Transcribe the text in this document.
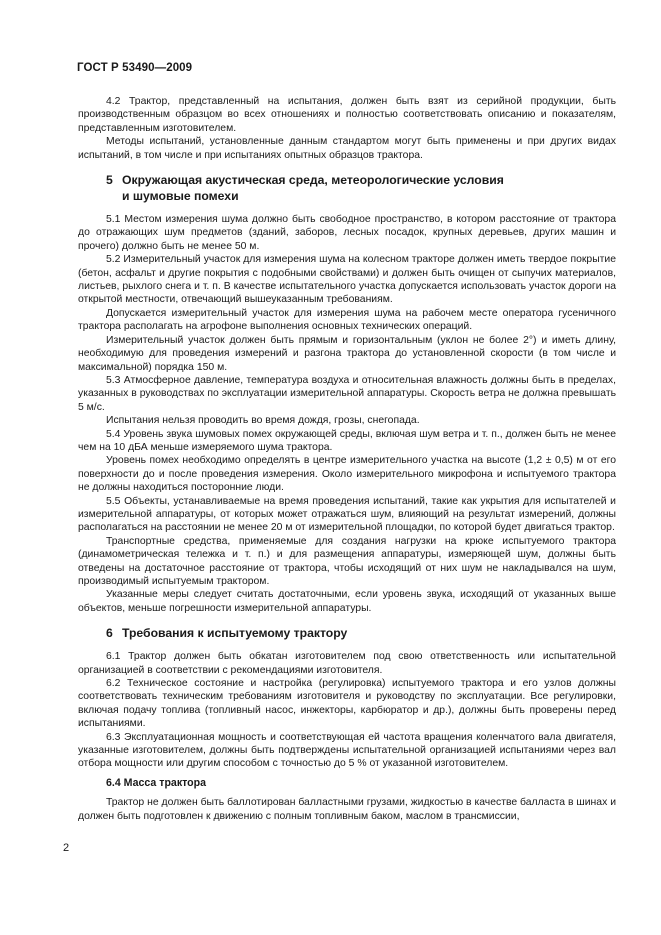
ГОСТ Р 53490—2009

4.2 Трактор, представленный на испытания, должен быть взят из серийной продукции, быть производственным образцом во всех отношениях и полностью соответствовать описанию и показателям, представленным изготовителем.

Методы испытаний, установленные данным стандартом могут быть применены и при других видах испытаний, в том числе и при испытаниях опытных образцов трактора.

5 Окружающая акустическая среда, метеорологические условия
и шумовые помехи

5.1 Местом измерения шума должно быть свободное пространство, в котором расстояние от трактора до отражающих шум предметов (зданий, заборов, лесных посадок, крупных деревьев, других машин и прочего) должно быть не менее 50 м.

5.2 Измерительный участок для измерения шума на колесном тракторе должен иметь твердое покрытие (бетон, асфальт и другие покрытия с подобными свойствами) и должен быть очищен от сыпучих материалов, листьев, рыхлого снега и т. п. В качестве испытательного участка допускается использовать участок дороги на открытой местности, отвечающий вышеуказанным требованиям.

Допускается измерительный участок для измерения шума на рабочем месте оператора гусеничного трактора располагать на агрофоне выполнения основных технических операций.

Измерительный участок должен быть прямым и горизонтальным (уклон не более 2°) и иметь длину, необходимую для проведения измерений и разгона трактора до установленной скорости (в том числе и максимальной) порядка 150 м.

5.3 Атмосферное давление, температура воздуха и относительная влажность должны быть в пределах, указанных в руководствах по эксплуатации измерительной аппаратуры. Скорость ветра не должна превышать 5 м/с.

Испытания нельзя проводить во время дождя, грозы, снегопада.

5.4 Уровень звука шумовых помех окружающей среды, включая шум ветра и т. п., должен быть не менее чем на 10 дБА меньше измеряемого шума трактора.

Уровень помех необходимо определять в центре измерительного участка на высоте (1,2 ± 0,5) м от его поверхности до и после проведения измерения. Около измерительного микрофона и испытуемого трактора не должны находиться посторонние люди.

5.5 Объекты, устанавливаемые на время проведения испытаний, такие как укрытия для испытателей и измерительной аппаратуры, от которых может отражаться шум, влияющий на результат измерений, должны располагаться на расстоянии не менее 20 м от измерительной площадки, по которой будет двигаться трактор.

Транспортные средства, применяемые для создания нагрузки на крюке испытуемого трактора (динамометрическая тележка и т. п.) и для размещения аппаратуры, измеряющей шум, должны быть отведены на достаточное расстояние от трактора, чтобы исходящий от них шум не накладывался на шум, производимый испытуемым трактором.

Указанные меры следует считать достаточными, если уровень звука, исходящий от указанных выше объектов, меньше погрешности измерительной аппаратуры.

6 Требования к испытуемому трактору

6.1 Трактор должен быть обкатан изготовителем под свою ответственность или испытательной организацией в соответствии с рекомендациями изготовителя.

6.2 Техническое состояние и настройка (регулировка) испытуемого трактора и его узлов должны соответствовать техническим требованиям изготовителя и руководству по эксплуатации. Все регулировки, включая подачу топлива (топливный насос, инжекторы, карбюратор и др.), должны быть проверены перед испытаниями.

6.3 Эксплуатационная мощность и соответствующая ей частота вращения коленчатого вала двигателя, указанные изготовителем, должны быть подтверждены испытательной организацией испытаниями через вал отбора мощности или другим способом с точностью до 5 % от указанной изготовителем.

6.4 Масса трактора

Трактор не должен быть баллотирован балластными грузами, жидкостью в качестве балласта в шинах и должен быть подготовлен к движению с полным топливным баком, маслом в трансмиссии,

2
